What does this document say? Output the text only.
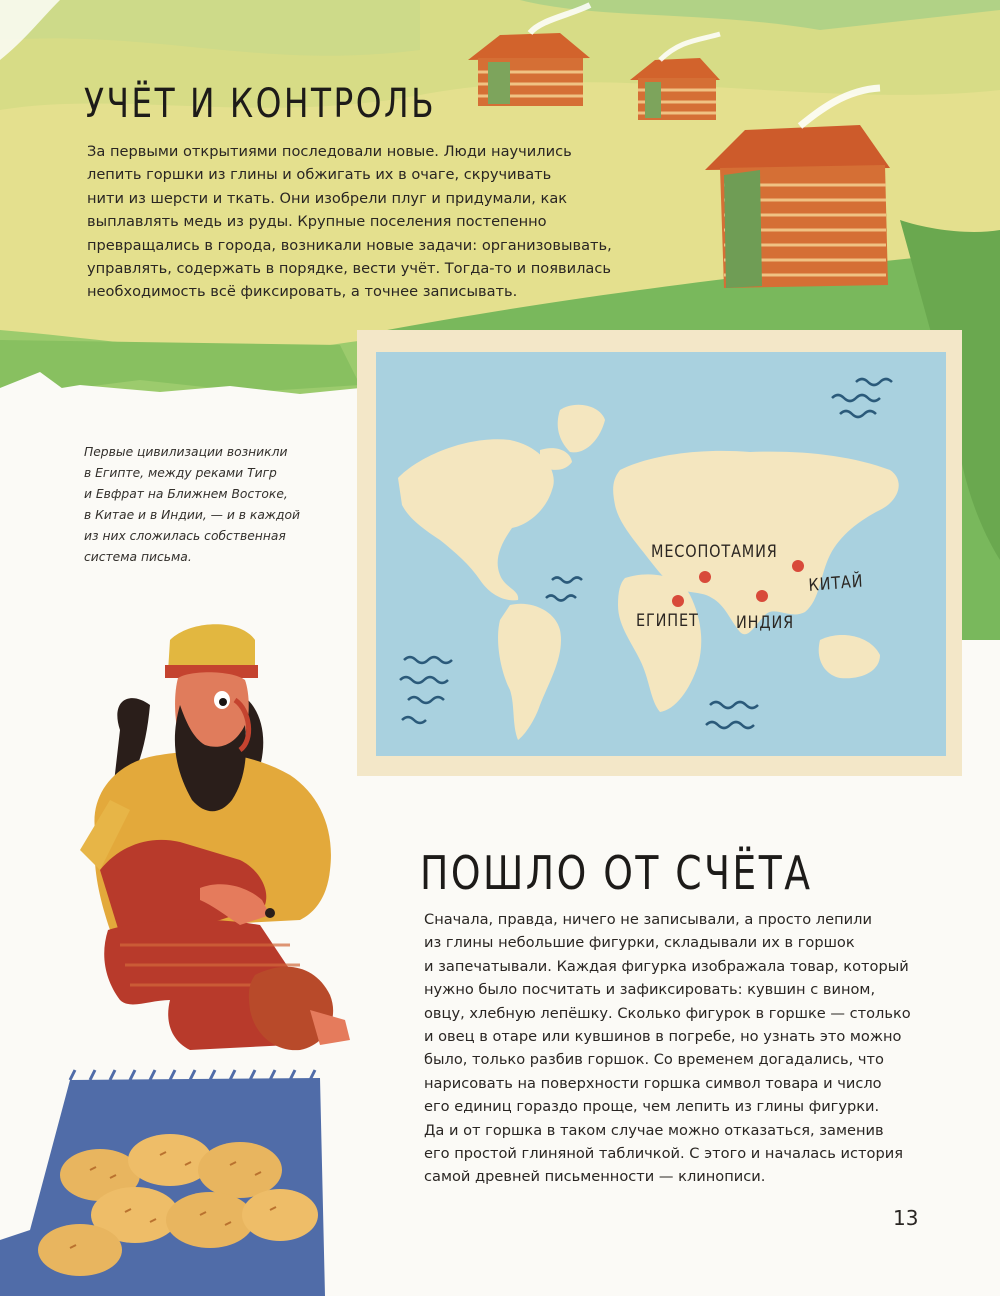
УЧЁТ И КОНТРОЛЬ
За первыми открытиями последовали новые. Люди научились
лепить горшки из глины и обжигать их в очаге, скручивать
нити из шерсти и ткать. Они изобрели плуг и придумали, как
выплавлять медь из руды. Крупные поселения постепенно
превращались в города, возникали новые задачи: организовывать,
управлять, содержать в порядке, вести учёт. Тогда-то и появилась
необходимость всё фиксировать, а точнее записывать.
Первые цивилизации возникли
в Египте, между реками Тигр
и Евфрат на Ближнем Востоке,
в Китае и в Индии, — и в каждой
из них сложилась собственная
система письма.	МЕСОПОТАМИЯ
ЕГИПЕТ ИНДИЯ
КИТАЙ
ПОШЛО ОТ СЧЁТА
Сначала, правда, ничего не записывали, а просто лепили
из глины небольшие фигурки, складывали их в горшок
и запечатывали. Каждая фигурка изображала товар, который
нужно было посчитать и зафиксировать: кувшин с вином,
овцу, хлебную лепёшку. Сколько фигурок в горшке — столько
и овец в отаре или кувшинов в погребе, но узнать это можно
было, только разбив горшок. Со временем догадались, что
нарисовать на поверхности горшка символ товара и число
его единиц гораздо проще, чем лепить из глины фигурки.
Да и от горшка в таком случае можно отказаться, заменив
его простой глиняной табличкой. С этого и началась история
самой древней письменности — клинописи.
13
